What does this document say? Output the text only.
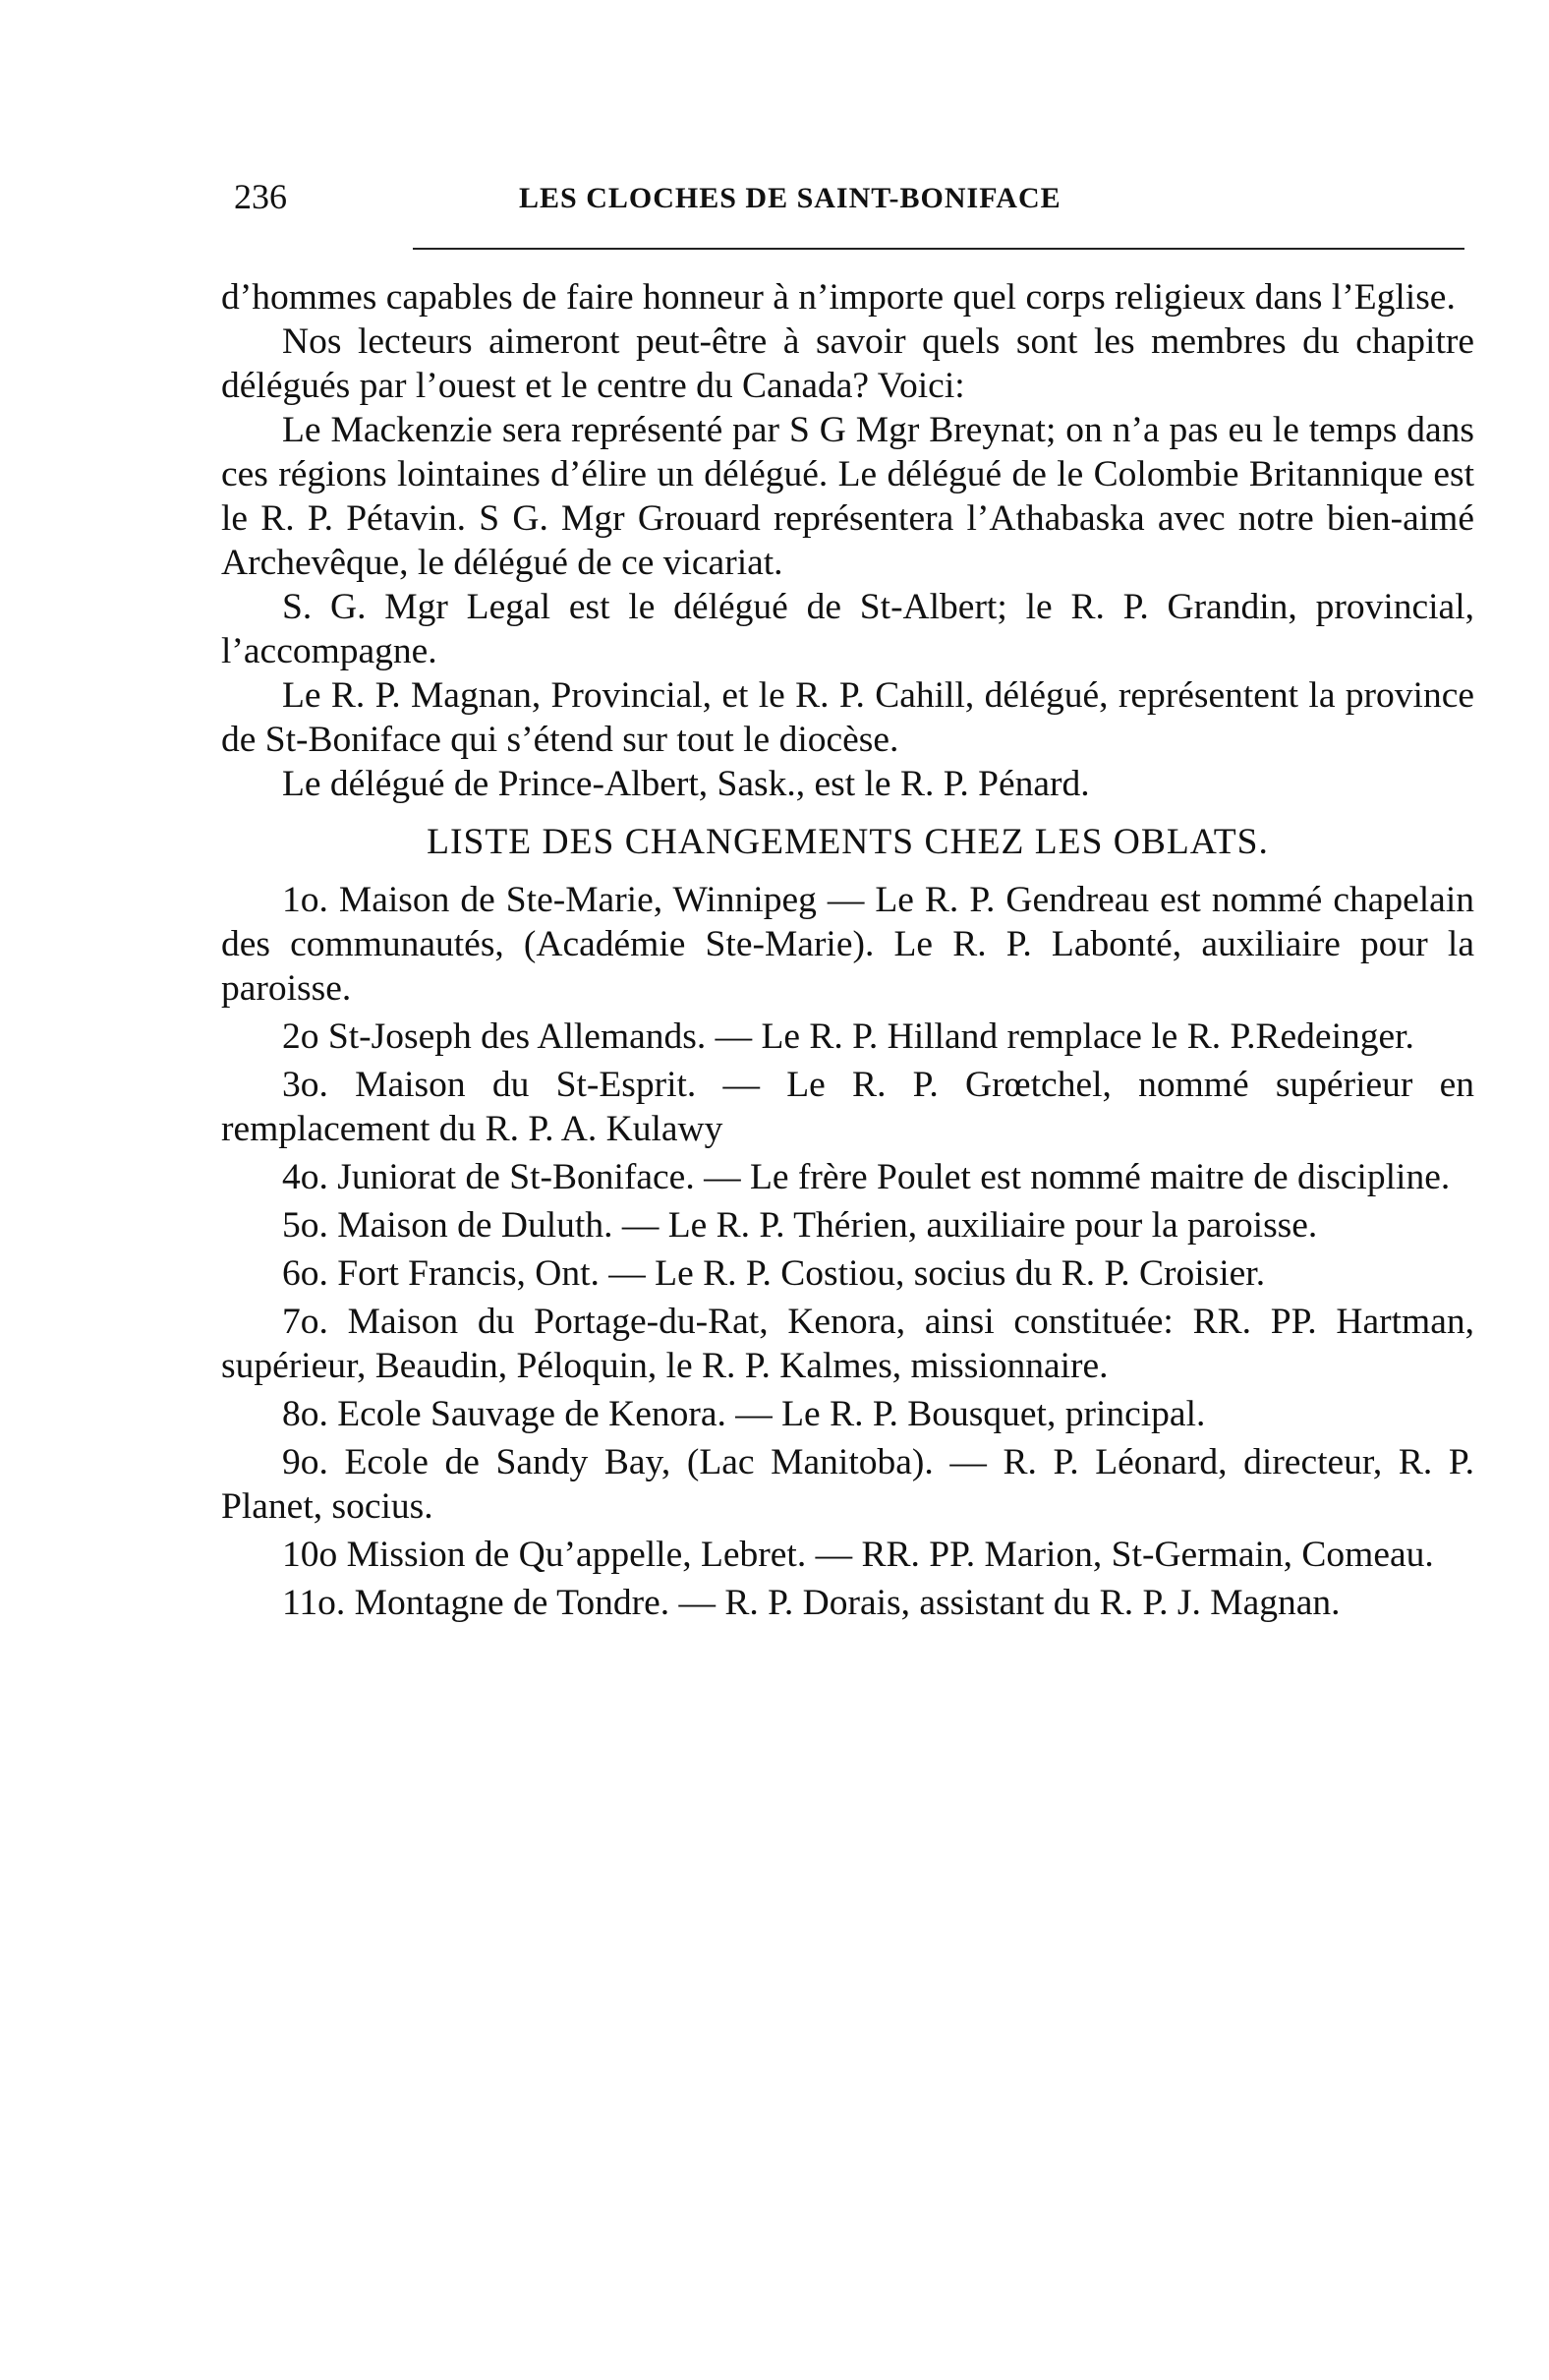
236	LES CLOCHES DE SAINT-BONIFACE

d’hommes capables de faire honneur à n’importe quel corps religieux dans l’Eglise.

Nos lecteurs aimeront peut-être à savoir quels sont les membres du chapitre délégués par l’ouest et le centre du Canada? Voici:

Le Mackenzie sera représenté par S G Mgr Breynat; on n’a pas eu le temps dans ces régions lointaines d’élire un délégué. Le délégué de le Colombie Britannique est le R. P. Pétavin. S G. Mgr Grouard représentera l’Athabaska avec notre bien-aimé Archevêque, le délégué de ce vicariat.

S. G. Mgr Legal est le délégué de St-Albert; le R. P. Grandin, provincial, l’accompagne.

Le R. P. Magnan, Provincial, et le R. P. Cahill, délégué, représentent la province de St-Boniface qui s’étend sur tout le diocèse.

Le délégué de Prince-Albert, Sask., est le R. P. Pénard.

LISTE DES CHANGEMENTS CHEZ LES OBLATS.

1o. Maison de Ste-Marie, Winnipeg — Le R. P. Gendreau est nommé chapelain des communautés, (Académie Ste-Marie). Le R. P. Labonté, auxiliaire pour la paroisse.

2o St-Joseph des Allemands. — Le R. P. Hilland remplace le R. P.Redeinger.

3o. Maison du St-Esprit. — Le R. P. Grœtchel, nommé supérieur en remplacement du R. P. A. Kulawy

4o. Juniorat de St-Boniface. — Le frère Poulet est nommé maitre de discipline.

5o. Maison de Duluth. — Le R. P. Thérien, auxiliaire pour la paroisse.

6o. Fort Francis, Ont. — Le R. P. Costiou, socius du R. P. Croisier.

7o. Maison du Portage-du-Rat, Kenora, ainsi constituée: RR. PP. Hartman, supérieur, Beaudin, Péloquin, le R. P. Kalmes, missionnaire.

8o. Ecole Sauvage de Kenora. — Le R. P. Bousquet, principal.

9o. Ecole de Sandy Bay, (Lac Manitoba). — R. P. Léonard, directeur, R. P. Planet, socius.

10o Mission de Qu’appelle, Lebret. — RR. PP. Marion, St-Germain, Comeau.

11o. Montagne de Tondre. — R. P. Dorais, assistant du R. P. J. Magnan.
